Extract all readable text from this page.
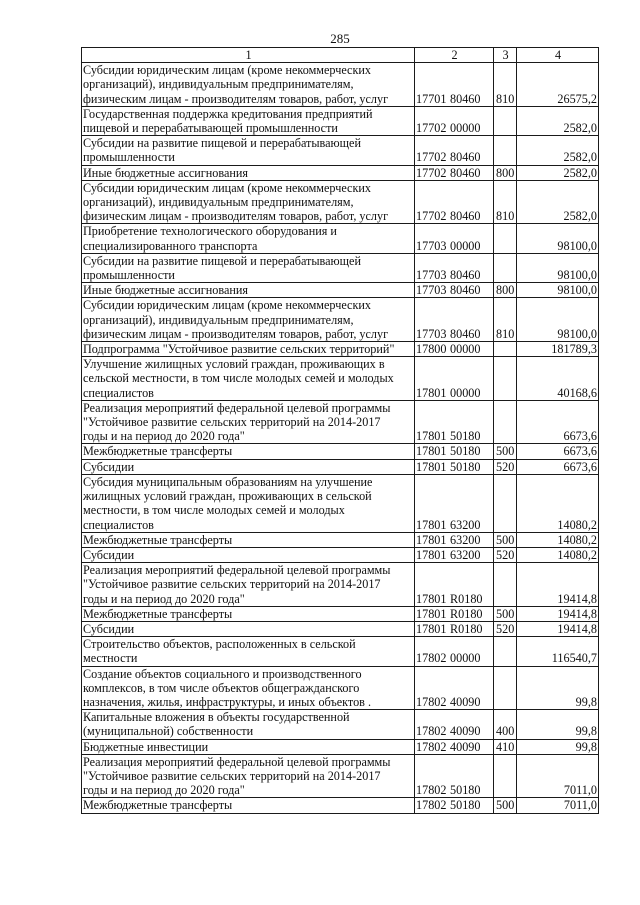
285
1	2	3	4

Субсидии юридическим лицам (кроме некоммерческих
организаций), индивидуальным предпринимателям,
физическим лицам - производителям товаров, работ, услуг	17701 80460	810	26575,2

Государственная поддержка кредитования предприятий
пищевой и перерабатывающей промышленности	17702 00000		2582,0

Субсидии на развитие пищевой и перерабатывающей
промышленности	17702 80460		2582,0

Иные бюджетные ассигнования	17702 80460	800	2582,0

Субсидии юридическим лицам (кроме некоммерческих
организаций), индивидуальным предпринимателям,
физическим лицам - производителям товаров, работ, услуг	17702 80460	810	2582,0

Приобретение технологического оборудования и
специализированного транспорта	17703 00000		98100,0

Субсидии на развитие пищевой и перерабатывающей
промышленности	17703 80460		98100,0

Иные бюджетные ассигнования	17703 80460	800	98100,0

Субсидии юридическим лицам (кроме некоммерческих
организаций), индивидуальным предпринимателям,
физическим лицам - производителям товаров, работ, услуг	17703 80460	810	98100,0

Подпрограмма "Устойчивое развитие сельских территорий"	17800 00000		181789,3

Улучшение жилищных условий граждан, проживающих в
сельской местности, в том числе молодых семей и молодых
специалистов	17801 00000		40168,6

Реализация мероприятий федеральной целевой программы
"Устойчивое развитие сельских территорий на 2014-2017
годы и на период до 2020 года"	17801 50180		6673,6

Межбюджетные трансферты	17801 50180	500	6673,6

Субсидии	17801 50180	520	6673,6

Субсидия муниципальным образованиям на улучшение
жилищных условий граждан, проживающих в сельской
местности, в том числе молодых семей и молодых
специалистов	17801 63200		14080,2

Межбюджетные трансферты	17801 63200	500	14080,2

Субсидии	17801 63200	520	14080,2

Реализация мероприятий федеральной целевой программы
"Устойчивое развитие сельских территорий на 2014-2017
годы и на период до 2020 года"	17801 R0180		19414,8

Межбюджетные трансферты	17801 R0180	500	19414,8

Субсидии	17801 R0180	520	19414,8

Строительство объектов, расположенных в сельской
местности	17802 00000		116540,7

Создание объектов социального и производственного
комплексов, в том числе объектов общегражданского
назначения, жилья, инфраструктуры, и иных объектов .	17802 40090		99,8

Капитальные вложения в объекты государственной
(муниципальной) собственности	17802 40090	400	99,8

Бюджетные инвестиции	17802 40090	410	99,8

Реализация мероприятий федеральной целевой программы
"Устойчивое развитие сельских территорий на 2014-2017
годы и на период до 2020 года"	17802 50180		7011,0

Межбюджетные трансферты	17802 50180	500	7011,0
